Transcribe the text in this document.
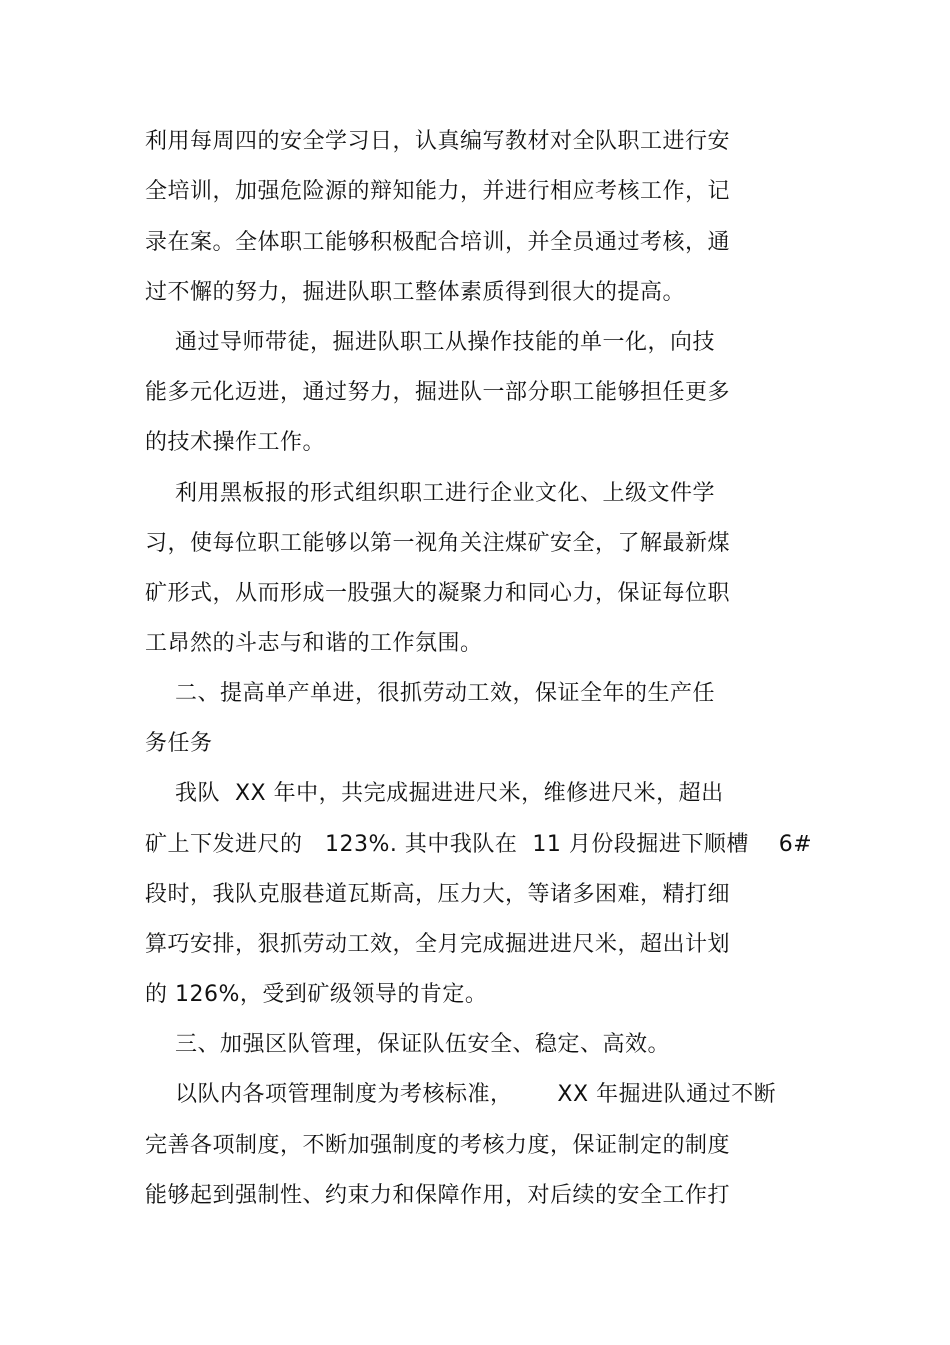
利用每周四的安全学习日，认真编写教材对全队职工进行安
全培训，加强危险源的辩知能力，并进行相应考核工作，记
录在案。全体职工能够积极配合培训，并全员通过考核，通
过不懈的努力，掘进队职工整体素质得到很大的提高。
通过导师带徒，掘进队职工从操作技能的单一化，向技
能多元化迈进，通过努力，掘进队一部分职工能够担任更多
的技术操作工作。
利用黑板报的形式组织职工进行企业文化、上级文件学
习，使每位职工能够以第一视角关注煤矿安全，了解最新煤
矿形式，从而形成一股强大的凝聚力和同心力，保证每位职
工昂然的斗志与和谐的工作氛围。
二、提高单产单进，很抓劳动工效，保证全年的生产任
务任务
我队  XX 年中，共完成掘进进尺米，维修进尺米，超出
矿上下发进尺的   123%. 其中我队在  11 月份段掘进下顺槽    6#
段时，我队克服巷道瓦斯高，压力大，等诸多困难，精打细
算巧安排，狠抓劳动工效，全月完成掘进进尺米，超出计划
的 126%，受到矿级领导的肯定。
三、加强区队管理，保证队伍安全、稳定、高效。
以队内各项管理制度为考核标准，      XX 年掘进队通过不断
完善各项制度，不断加强制度的考核力度，保证制定的制度
能够起到强制性、约束力和保障作用，对后续的安全工作打
